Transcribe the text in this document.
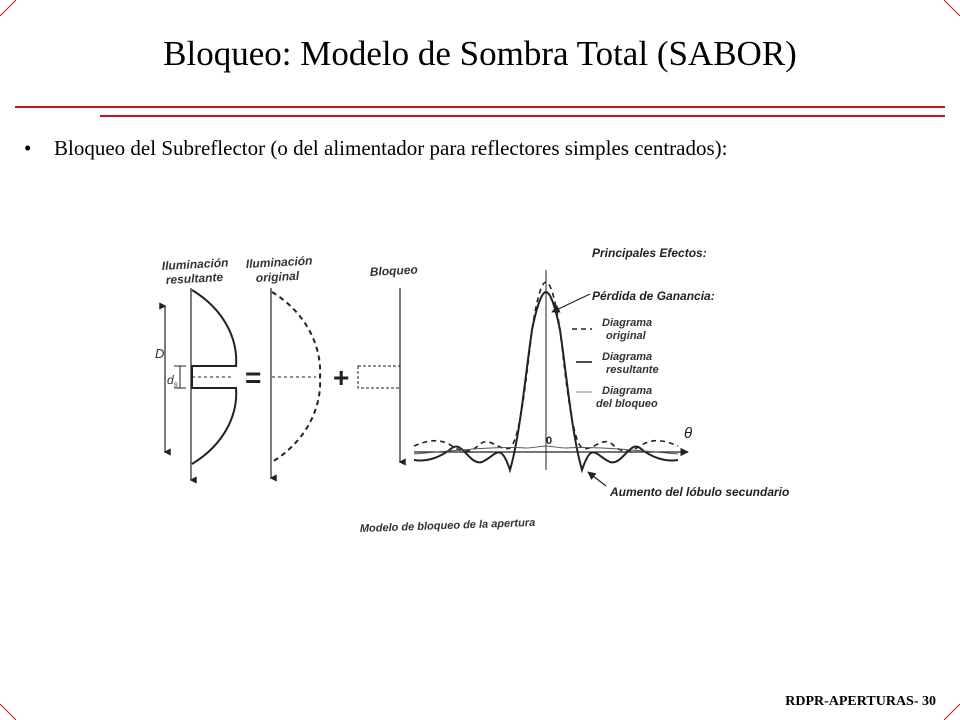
Bloqueo: Modelo de Sombra Total (SABOR)
• Bloqueo del Subreflector (o del alimentador para reflectores simples centrados):
Iluminación
resultante
Iluminación
original	Bloqueo
D
$d_s$ =	+
0	θ
Principales Efectos:
Pérdida de Ganancia:
Diagrama
original
Diagrama
resultante
Diagrama
del bloqueo
Aumento del lóbulo secundario
Modelo de bloqueo de la apertura
RDPR-APERTURAS- 30
